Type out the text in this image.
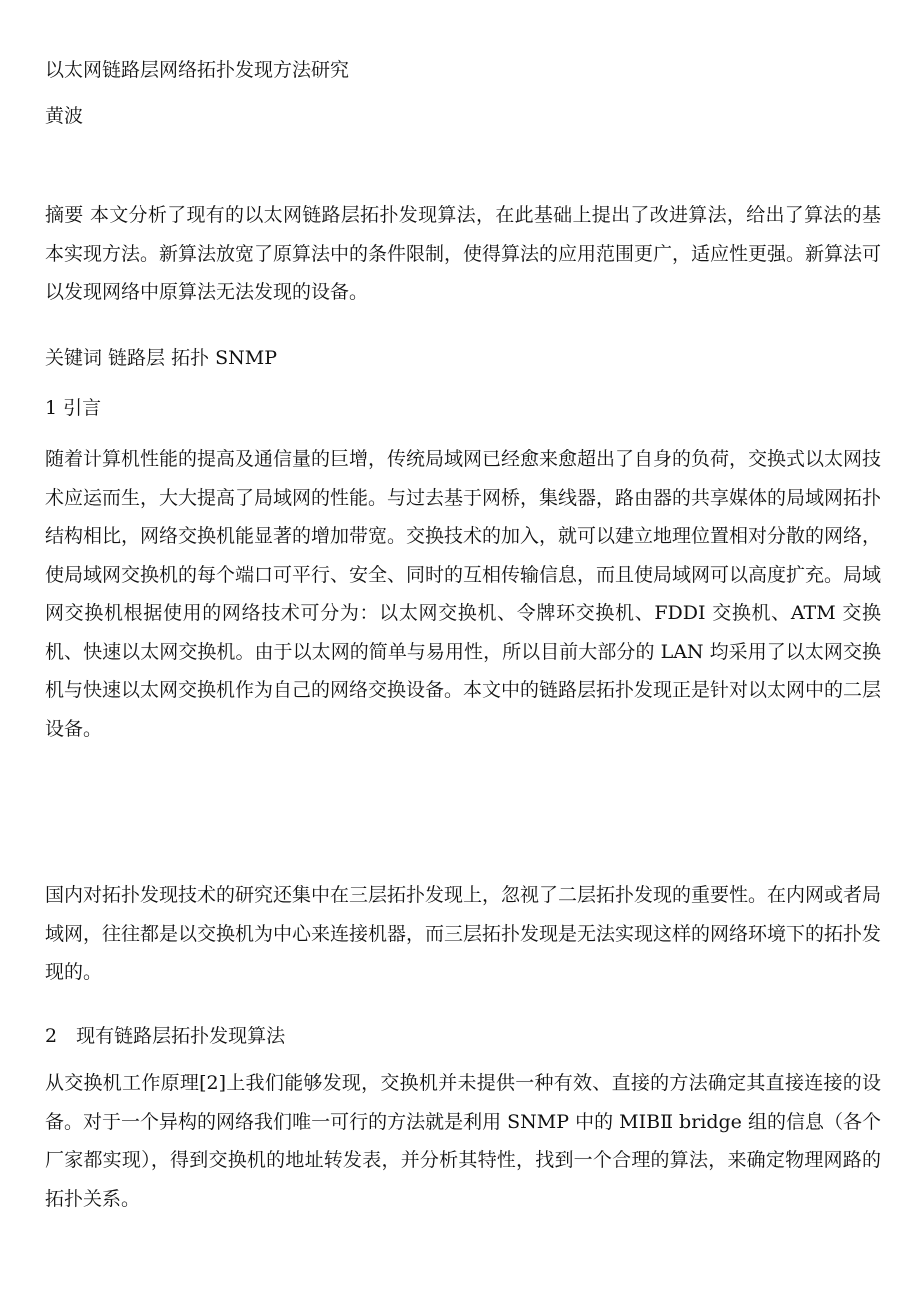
以太网链路层网络拓扑发现方法研究
黄波

摘要 本文分析了现有的以太网链路层拓扑发现算法，在此基础上提出了改进算法，给出了算法的基本实现方法。新算法放宽了原算法中的条件限制，使得算法的应用范围更广，适应性更强。新算法可以发现网络中原算法无法发现的设备。

关键词 链路层 拓扑 SNMP
1 引言

随着计算机性能的提高及通信量的巨增，传统局域网已经愈来愈超出了自身的负荷，交换式以太网技术应运而生，大大提高了局域网的性能。与过去基于网桥，集线器，路由器的共享媒体的局域网拓扑结构相比，网络交换机能显著的增加带宽。交换技术的加入，就可以建立地理位置相对分散的网络，使局域网交换机的每个端口可平行、安全、同时的互相传输信息，而且使局域网可以高度扩充。局域网交换机根据使用的网络技术可分为：以太网交换机、令牌环交换机、FDDI 交换机、ATM 交换机、快速以太网交换机。由于以太网的简单与易用性，所以目前大部分的 LAN 均采用了以太网交换机与快速以太网交换机作为自己的网络交换设备。本文中的链路层拓扑发现正是针对以太网中的二层设备。

国内对拓扑发现技术的研究还集中在三层拓扑发现上，忽视了二层拓扑发现的重要性。在内网或者局域网，往往都是以交换机为中心来连接机器，而三层拓扑发现是无法实现这样的网络环境下的拓扑发现的。

2　现有链路层拓扑发现算法

从交换机工作原理[2]上我们能够发现，交换机并未提供一种有效、直接的方法确定其直接连接的设备。对于一个异构的网络我们唯一可行的方法就是利用 SNMP 中的 MIBⅡ bridge 组的信息（各个厂家都实现），得到交换机的地址转发表，并分析其特性，找到一个合理的算法，来确定物理网路的拓扑关系。
